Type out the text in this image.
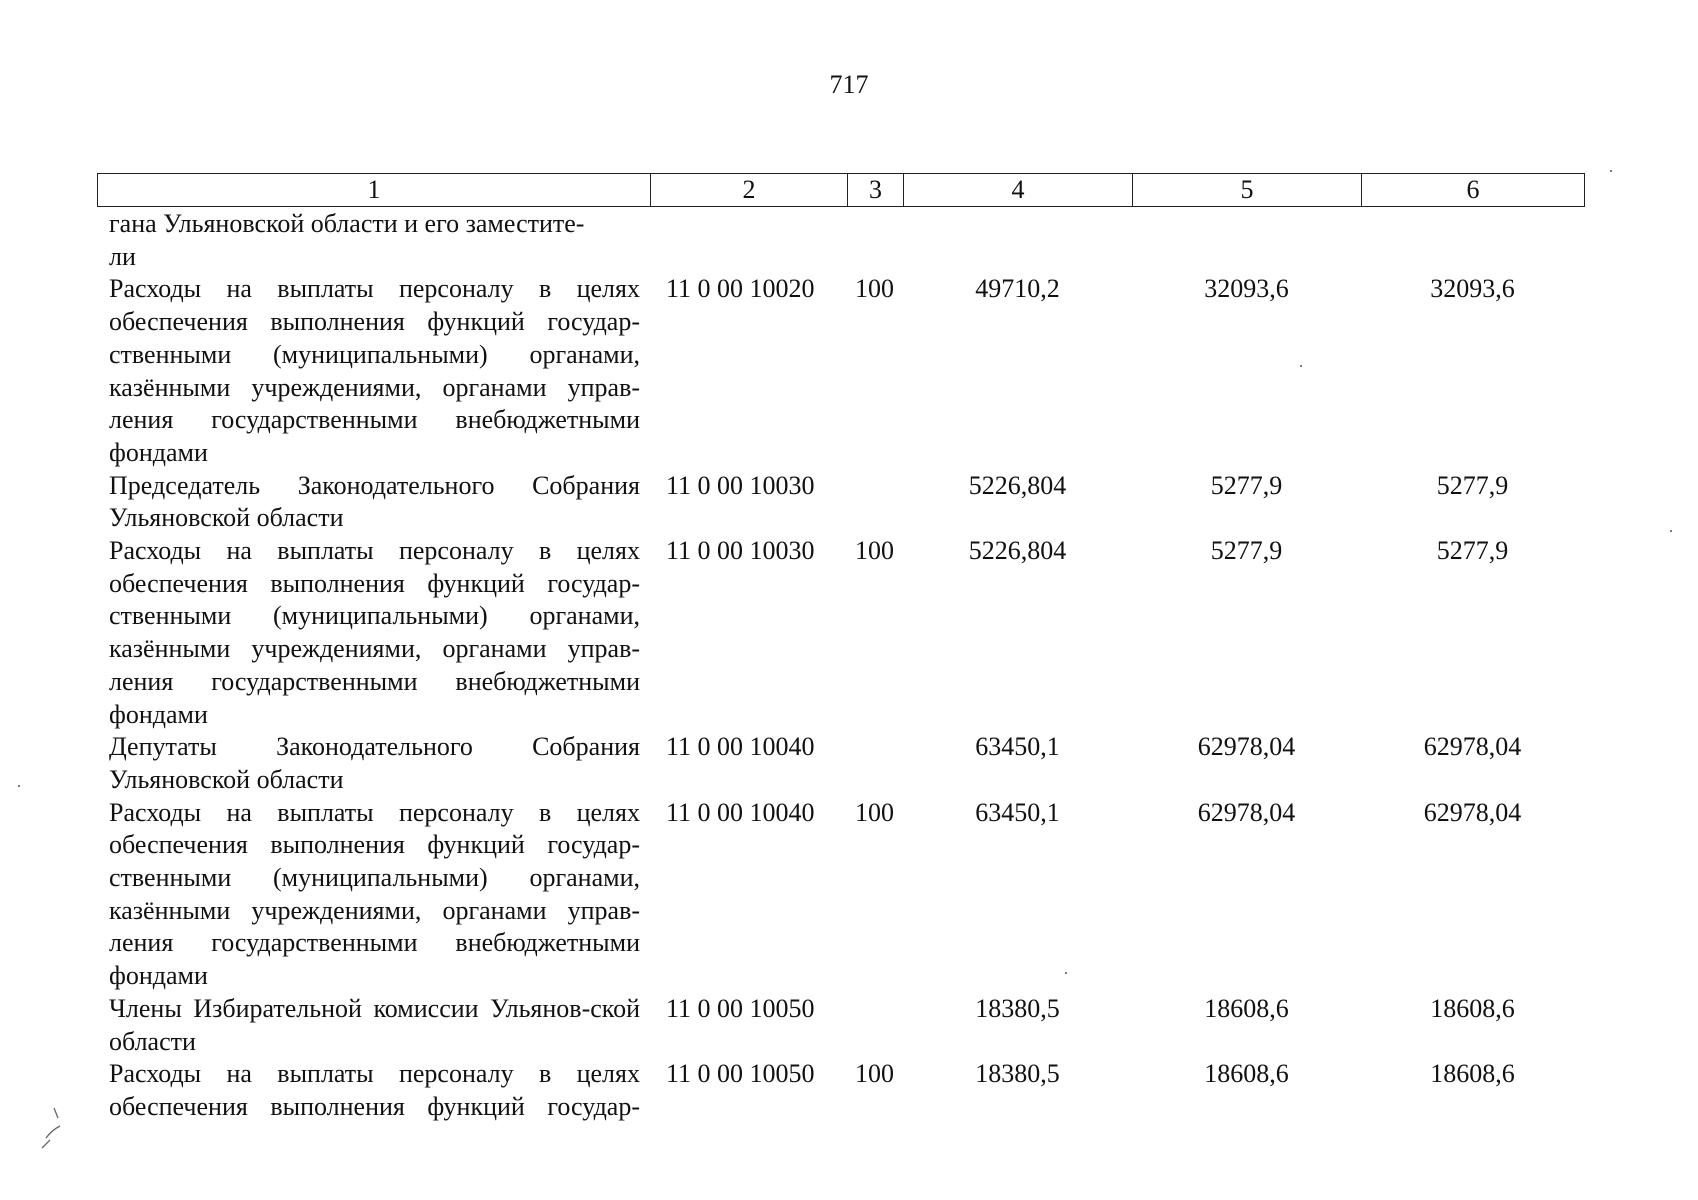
717
1	2	3	4	5	6
гана Ульяновской области и его заместите-
ли					
Расходы на выплаты персоналу в целях обеспечения выполнения функций государ-ственными (муниципальными) органами, казёнными учреждениями, органами управ-ления государственными внебюджетными фондами	11 0 00 10020	100	49710,2	32093,6	32093,6
Председатель Законодательного Собрания Ульяновской области	11 0 00 10030		5226,804	5277,9	5277,9
Расходы на выплаты персоналу в целях обеспечения выполнения функций государ-ственными (муниципальными) органами, казёнными учреждениями, органами управ-ления государственными внебюджетными фондами	11 0 00 10030	100	5226,804	5277,9	5277,9
Депутаты Законодательного Собрания Ульяновской области	11 0 00 10040		63450,1	62978,04	62978,04
Расходы на выплаты персоналу в целях обеспечения выполнения функций государ-ственными (муниципальными) органами, казёнными учреждениями, органами управ-ления государственными внебюджетными фондами	11 0 00 10040	100	63450,1	62978,04	62978,04
Члены Избирательной комиссии Ульянов-ской области	11 0 00 10050		18380,5	18608,6	18608,6
Расходы на выплаты персоналу в целях обеспечения выполнения функций государ-	11 0 00 10050	100	18380,5	18608,6	18608,6
